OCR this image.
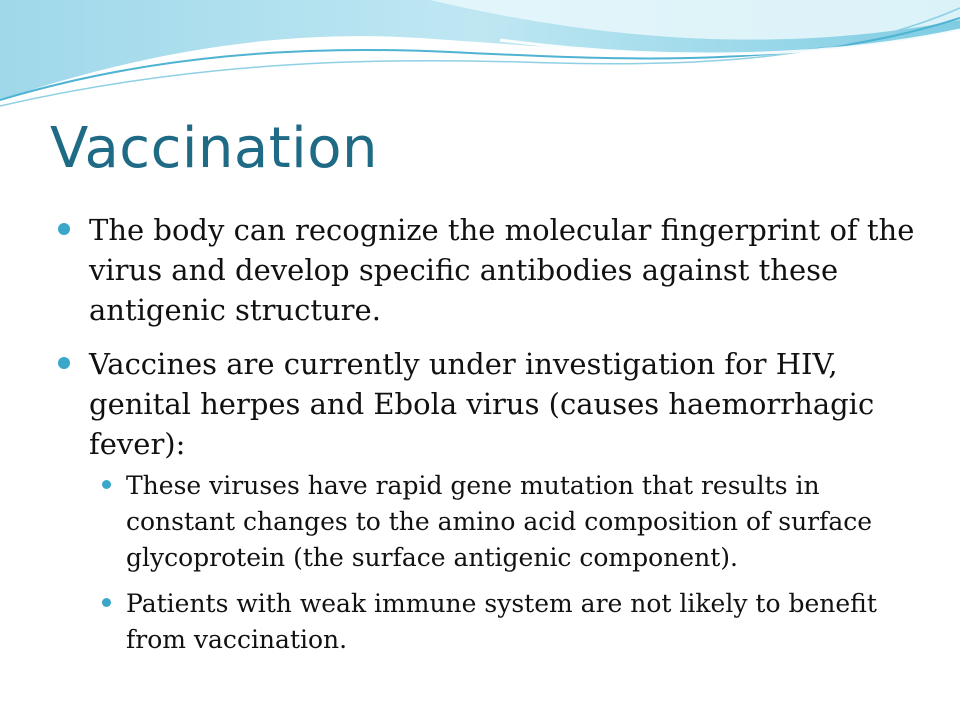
Vaccination
The body can recognize the molecular fingerprint of the virus and develop specific antibodies against these antigenic structure.
Vaccines are currently under investigation for HIV, genital herpes and Ebola virus (causes haemorrhagic fever):
These viruses have rapid gene mutation that results in constant changes to the amino acid composition of surface glycoprotein (the surface antigenic component).
Patients with weak immune system are not likely to benefit from vaccination.
